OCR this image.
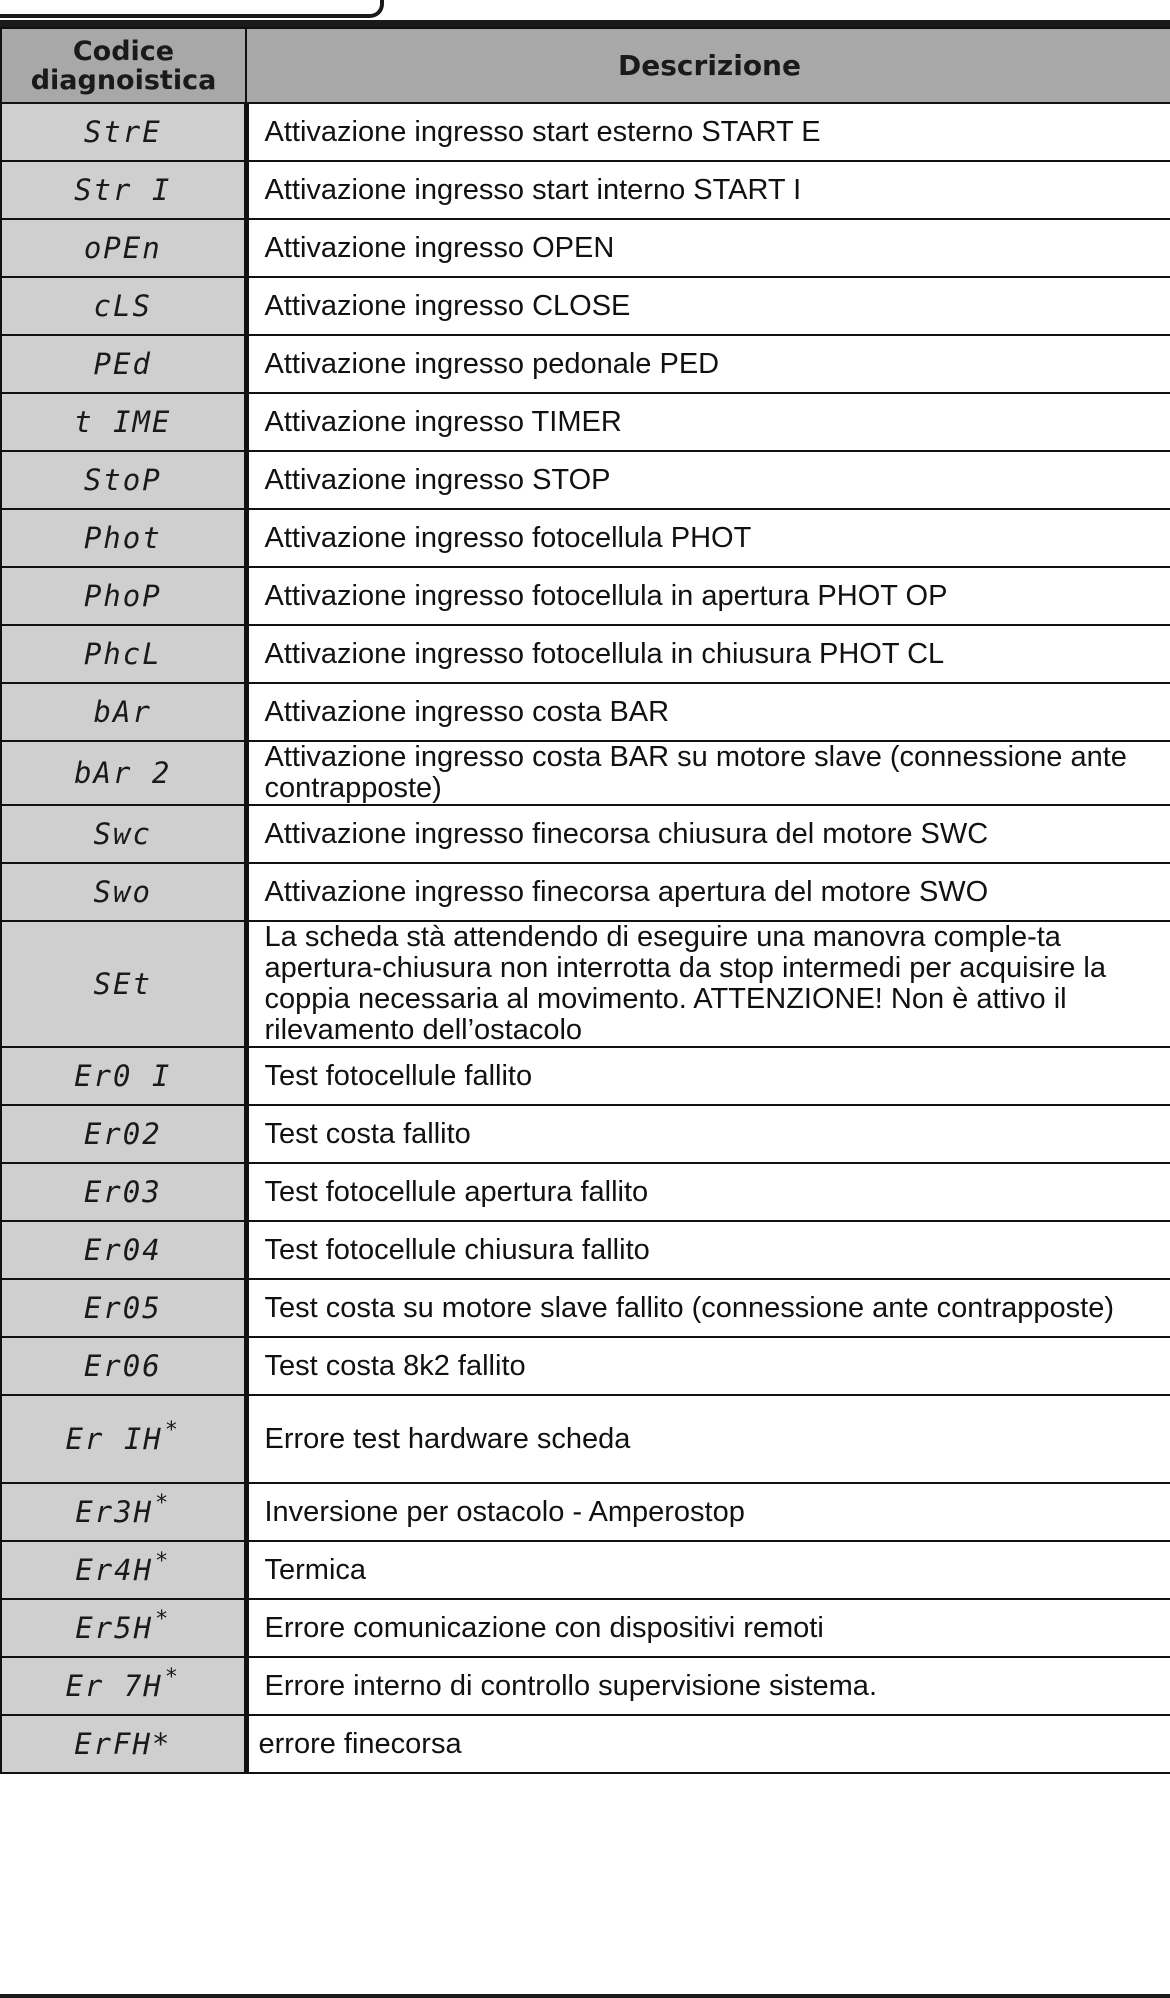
Codice
diagnoistica	Descrizione
StrE	Attivazione ingresso start esterno START E
Str I	Attivazione ingresso start interno START I
oPEn	Attivazione ingresso OPEN
cLS	Attivazione ingresso CLOSE
PEd	Attivazione ingresso pedonale PED
t IME	Attivazione ingresso TIMER
StoP	Attivazione ingresso STOP
Phot	Attivazione ingresso fotocellula PHOT
PhoP	Attivazione ingresso fotocellula in apertura PHOT OP
PhcL	Attivazione ingresso fotocellula in chiusura PHOT CL
bAr	Attivazione ingresso costa BAR
bAr 2	Attivazione ingresso costa BAR su motore slave (connessione ante contrapposte)
Swc	Attivazione ingresso finecorsa chiusura del motore SWC
Swo	Attivazione ingresso finecorsa apertura del motore SWO
SEt	La scheda stà attendendo di eseguire una manovra comple-ta apertura-chiusura non interrotta da stop intermedi per acquisire la coppia necessaria al movimento. ATTENZIONE! Non è attivo il rilevamento dell’ostacolo
Er0 I	Test fotocellule fallito
Er02	Test costa fallito
Er03	Test fotocellule apertura fallito
Er04	Test fotocellule chiusura fallito
Er05	Test costa su motore slave fallito (connessione ante contrapposte)
Er06	Test costa 8k2 fallito
Er IH*	Errore test hardware scheda
Er3H*	Inversione per ostacolo - Amperostop
Er4H*	Termica
Er5H*	Errore comunicazione con dispositivi remoti
Er 7H*	Errore interno di controllo supervisione sistema.
ErFH*	errore finecorsa
